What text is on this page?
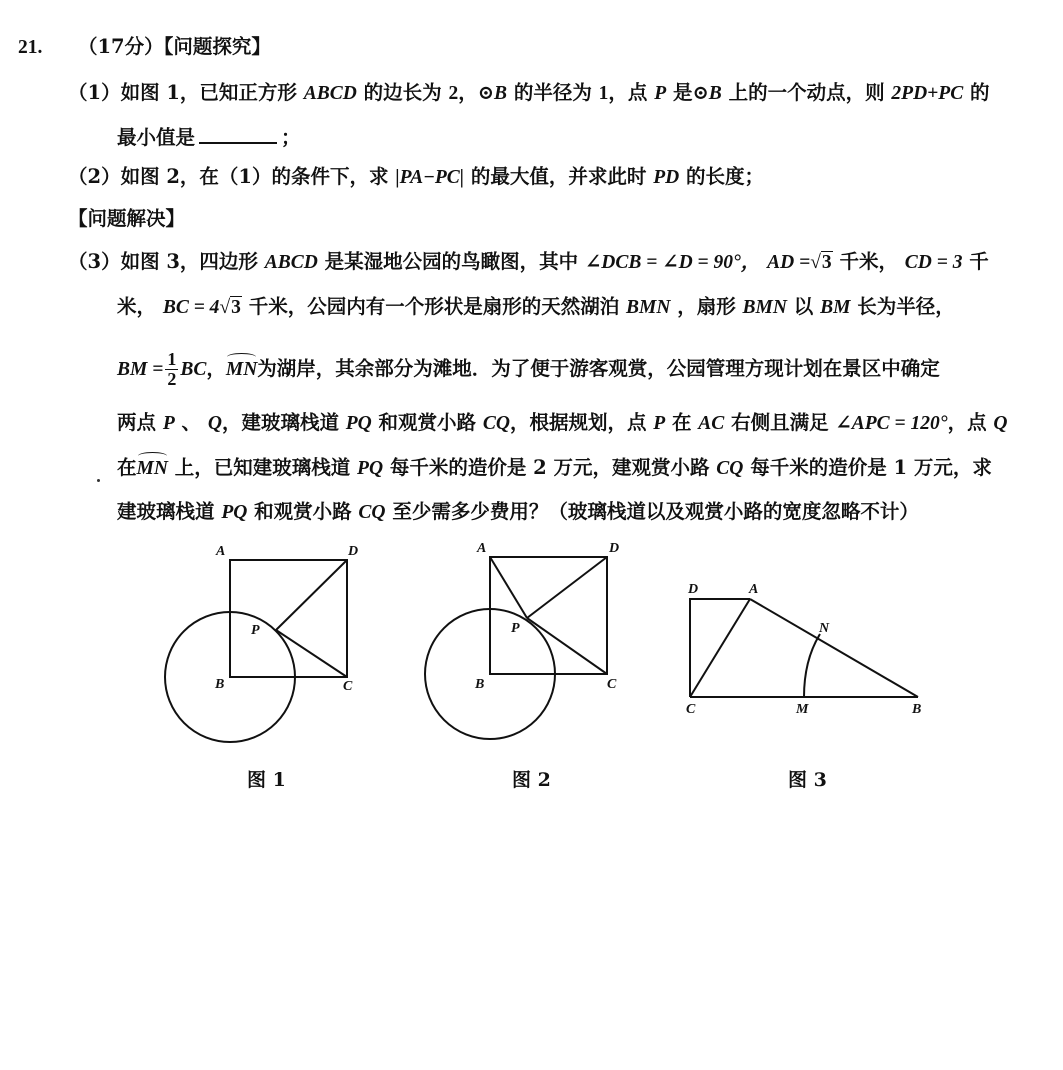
21. （17分）【问题探究】
（1）如图 1，已知正方形 ABCD 的边长为 2，⊙B 的半径为 1，点 P 是⊙B 上的一个动点，则 2PD+PC 的
最小值是	；
（2）如图 2，在（1）的条件下，求 |PA−PC| 的最大值，并求此时 PD 的长度；
【问题解决】
（3）如图 3，四边形 ABCD 是某湿地公园的鸟瞰图，其中 ∠DCB = ∠D = 90°， AD =√3 千米， CD = 3 千
米， BC = 4√3 千米，公园内有一个形状是扇形的天然湖泊 BMN ，扇形 BMN 以 BM 长为半径，
BM = $\frac{1}{2}$ BC，MN为湖岸，其余部分为滩地．为了便于游客观赏，公园管理方现计划在景区中确定
两点 P 、 Q，建玻璃栈道 PQ 和观赏小路 CQ，根据规划，点 P 在 AC 右侧且满足 ∠APC = 120°，点 Q
在MN 上，已知建玻璃栈道 PQ 每千米的造价是 2 万元，建观赏小路 CQ 每千米的造价是 1 万元，求
建玻璃栈道 PQ 和观赏小路 CQ 至少需多少费用？（玻璃栈道以及观赏小路的宽度忽略不计）
A	D
P
B	C
A	D
P
B	C
D	A
N
C	M	B
图 1	图 2	图 3
